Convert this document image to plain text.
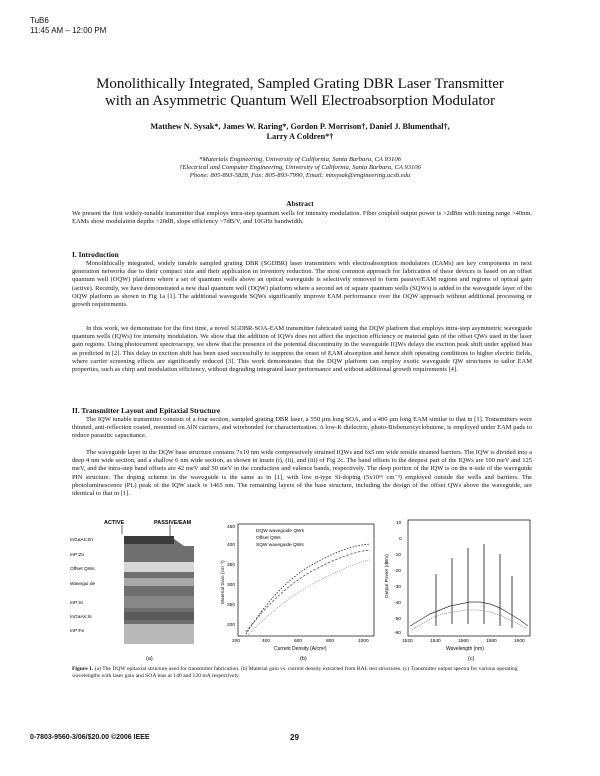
TuB6
11:45 AM – 12:00 PM
Monolithically Integrated, Sampled Grating DBR Laser Transmitter
with an Asymmetric Quantum Well Electroabsorption Modulator
Matthew N. Sysak*, James W. Raring*, Gordon P. Morrison†, Daniel J. Blumenthal†,
Larry A Coldren*†
*Materials Engineering, University of California, Santa Barbara, CA 93106
†Electrical and Computer Engineering, University of California, Santa Barbara, CA 93106
Phone: 805-893-5828, Fax: 805-893-7990, Email: mnsysak@engineering.ucsb.edu
Abstract
We present the first widely-tunable transmitter that employs intra-step quantum wells for intensity modulation. Fiber coupled output power is >2dBm with tuning range >40nm. EAMs show modulation depths >20dB, slope efficiency >7dB/V, and 10GHz bandwidth.
I. Introduction
Monolithically integrated, widely tunable sampled grating DBR (SGDBR) laser transmitters with electroabsorption modulators (EAMs) are key components in next generation networks due to their compact size and their application in inventory reduction. The most common approach for fabrication of these devices is based on an offset quantum well (OQW) platform where a set of quantum wells above an optical waveguide is selectively removed to form passive/EAM regions and regions of optical gain (active). Recently, we have demonstrated a new dual quantum well (DQW) platform where a second set of square quantum wells (SQWs) is added to the waveguide layer of the OQW platform as shown in Fig 1a [1]. The additional waveguide SQWs significantly improve EAM performance over the OQW approach without additional processing or growth requirements.
In this work, we demonstrate for the first time, a novel SGDBR-SOA-EAM transmitter fabricated using the DQW platform that employs intra-step asymmetric waveguide quantum wells (IQWs) for intensity modulation. We show that the addition of IQWs does not affect the injection efficiency or material gain of the offset QWs used in the laser gain regions. Using photocurrent spectroscopy, we show that the presence of the potential discontinuity in the waveguide IQWs delays the exciton peak shift under applied bias as predicted in [2]. This delay in exciton shift has been used successfully to suppress the onset of EAM absorption and hence shift operating conditions to higher electric fields, where carrier screening effects are significantly reduced [3]. This work demonstrates that the DQW platform can employ exotic waveguide QW structures to tailor EAM properties, such as chirp and modulation efficiency, without degrading integrated laser performance and without additional growth requirements [4].
II. Transmitter Layout and Epitaxial Structure
The IQW tunable transmitter consists of a four section, sampled grating DBR laser, a 550 µm long SOA, and a 400 µm long EAM similar to that in [1]. Transmitters were thinned, anti-reflection coated, mounted on AlN carriers, and wirebonded for characterization. A low-K dielectric, photo-Bisbenzocyclobutene, is employed under EAM pads to reduce parasitic capacitance.
The waveguide layer in the DQW base structure contains 7x10 nm wide compressively strained IQWs and 6x5 nm wide tensile strained barriers. The IQW is divided into a deep 4 nm wide section, and a shallow 6 nm wide section, as shown in insets (i), (ii), and (iii) of Fig 2c. The band offsets to the deepest part of the IQWs are 100 meV and 125 meV, and the intra-step band offsets are 42 meV and 50 meV in the conduction and valence bands, respectively. The deep portion of the IQW is on the n-side of the waveguide PIN structure. The doping scheme in the waveguide is the same as in [1], with low n-type Si-doping (5x10¹⁶ cm⁻³) employed outside the wells and barriers. The photoluminescence (PL) peak of the IQW stack is 1465 nm. The remaining layers of the base structure, including the design of the offset QWs above the waveguide, are identical to that in [1].
ACTIVE	PASSIVE/EAM
InGaAs:Zn
InP:Zn
Offset QWs
Wavegui de
InP:Si
InGaAs:Si
InP:Fe
(a)
Material Gain (cm⁻¹)
Current Density (A/cm²)
200	400	600	800	1000
200
250
300
350
400
450
DQW waveguide QWs
Offset QWs
SQW waveguide QWs
(b)
Output Power (dBm)
Wavelength (nm)
1520	1540	1560	1580	1600
10
0
-10
-20
-30
-40
-50
-60
(c)
Figure 1. (a) The DQW epitaxial structure used for transmitter fabrication. (b) Material gain vs. current density extracted from BAL test structures. (c) Transmitter output spectra for various operating wavelengths with laser gain and SOA bias at 140 and 120 mA respectively.
0-7803-9560-3/06/$20.00 ©2006 IEEE	29
